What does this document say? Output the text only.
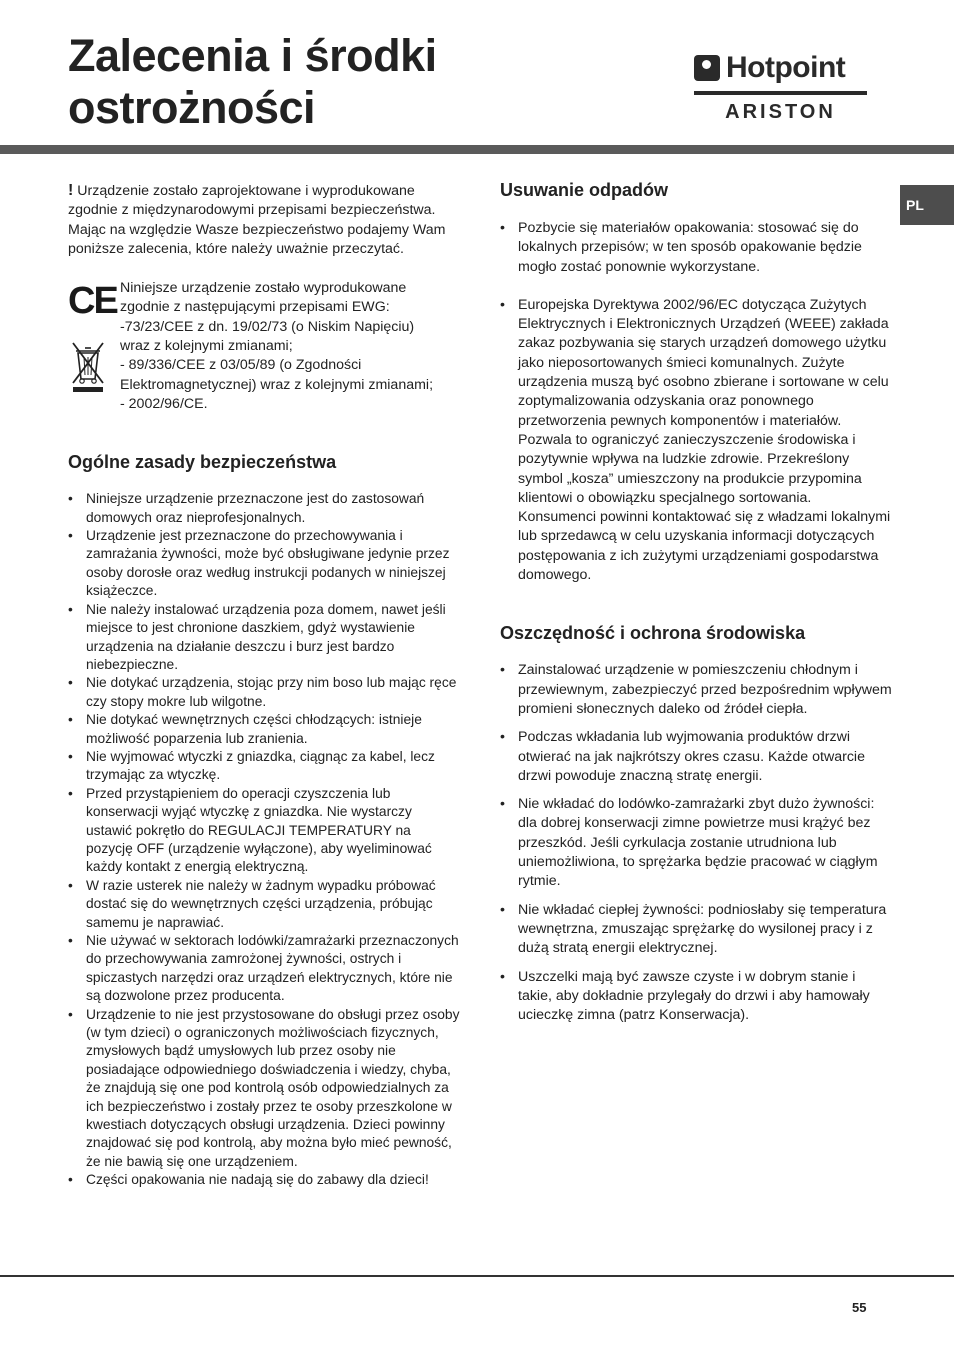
Zalecenia i środki
ostrożności
Hotpoint
ARISTON
PL

! Urządzenie zostało zaprojektowane i wyprodukowane zgodnie z międzynarodowymi przepisami bezpieczeństwa. Mając na względzie Wasze bezpieczeństwo podajemy Wam poniższe zalecenia, które należy uważnie przeczytać.

CE Niniejsze urządzenie zostało wyprodukowane
zgodnie z następującymi przepisami EWG:
-73/23/CEE z dn. 19/02/73 (o Niskim Napięciu)
wraz z kolejnymi zmianami;
- 89/336/CEE z 03/05/89 (o Zgodności
Elektromagnetycznej) wraz z kolejnymi zmianami;
- 2002/96/CE.
Ogólne zasady bezpieczeństwa
• Niniejsze urządzenie przeznaczone jest do zastosowań domowych oraz nieprofesjonalnych.
• Urządzenie jest przeznaczone do przechowywania i zamrażania żywności, może być obsługiwane jedynie przez osoby dorosłe oraz według instrukcji podanych w niniejszej książeczce.
• Nie należy instalować urządzenia poza domem, nawet jeśli miejsce to jest chronione daszkiem, gdyż wystawienie urządzenia na działanie deszczu i burz jest bardzo niebezpieczne.
• Nie dotykać urządzenia, stojąc przy nim boso lub mając ręce czy stopy mokre lub wilgotne.
• Nie dotykać wewnętrznych części chłodzących: istnieje możliwość poparzenia lub zranienia.
• Nie wyjmować wtyczki z gniazdka, ciągnąc za kabel, lecz trzymając za wtyczkę.
• Przed przystąpieniem do operacji czyszczenia lub konserwacji wyjąć wtyczkę z gniazdka. Nie wystarczy ustawić pokrętło do REGULACJI TEMPERATURY na pozycję OFF (urządzenie wyłączone), aby wyeliminować każdy kontakt z energią elektryczną.
• W razie usterek nie należy w żadnym wypadku próbować dostać się do wewnętrznych części urządzenia, próbując samemu je naprawiać.
• Nie używać w sektorach lodówki/zamrażarki przeznaczonych do przechowywania zamrożonej żywności, ostrych i spiczastych narzędzi oraz urządzeń elektrycznych, które nie są dozwolone przez producenta.
• Urządzenie to nie jest przystosowane do obsługi przez osoby (w tym dzieci) o ograniczonych możliwościach fizycznych, zmysłowych bądź umysłowych lub przez osoby nie posiadające odpowiedniego doświadczenia i wiedzy, chyba, że znajdują się one pod kontrolą osób odpowiedzialnych za ich bezpieczeństwo i zostały przez te osoby przeszkolone w kwestiach dotyczących obsługi urządzenia. Dzieci powinny znajdować się pod kontrolą, aby można było mieć pewność, że nie bawią się one urządzeniem.
• Części opakowania nie nadają się do zabawy dla dzieci!
Usuwanie odpadów
• Pozbycie się materiałów opakowania: stosować się do lokalnych przepisów; w ten sposób opakowanie będzie mogło zostać ponownie wykorzystane.
• Europejska Dyrektywa 2002/96/EC dotycząca Zużytych Elektrycznych i Elektronicznych Urządzeń (WEEE) zakłada zakaz pozbywania się starych urządzeń domowego użytku jako nieposortowanych śmieci komunalnych. Zużyte urządzenia muszą być osobno zbierane i sortowane w celu zoptymalizowania odzyskania oraz ponownego przetworzenia pewnych komponentów i materiałów. Pozwala to ograniczyć zanieczyszczenie środowiska i pozytywnie wpływa na ludzkie zdrowie. Przekreślony symbol „kosza” umieszczony na produkcie przypomina klientowi o obowiązku specjalnego sortowania.
Konsumenci powinni kontaktować się z władzami lokalnymi lub sprzedawcą w celu uzyskania informacji dotyczących postępowania z ich zużytymi urządzeniami gospodarstwa domowego.
Oszczędność i ochrona środowiska
• Zainstalować urządzenie w pomieszczeniu chłodnym i przewiewnym, zabezpieczyć przed bezpośrednim wpływem promieni słonecznych daleko od źródeł ciepła.
• Podczas wkładania lub wyjmowania produktów drzwi otwierać na jak najkrótszy okres czasu. Każde otwarcie drzwi powoduje znaczną stratę energii.
• Nie wkładać do lodówko-zamrażarki zbyt dużo żywności: dla dobrej konserwacji zimne powietrze musi krążyć bez przeszkód. Jeśli cyrkulacja zostanie utrudniona lub uniemożliwiona, to sprężarka będzie pracować w ciągłym rytmie.
• Nie wkładać ciepłej żywności: podniosłaby się temperatura wewnętrzna, zmuszając sprężarkę do wysilonej pracy i z dużą stratą energii elektrycznej.
• Uszczelki mają być zawsze czyste i w dobrym stanie i takie, aby dokładnie przylegały do drzwi i aby hamowały ucieczkę zimna (patrz Konserwacja).
55
